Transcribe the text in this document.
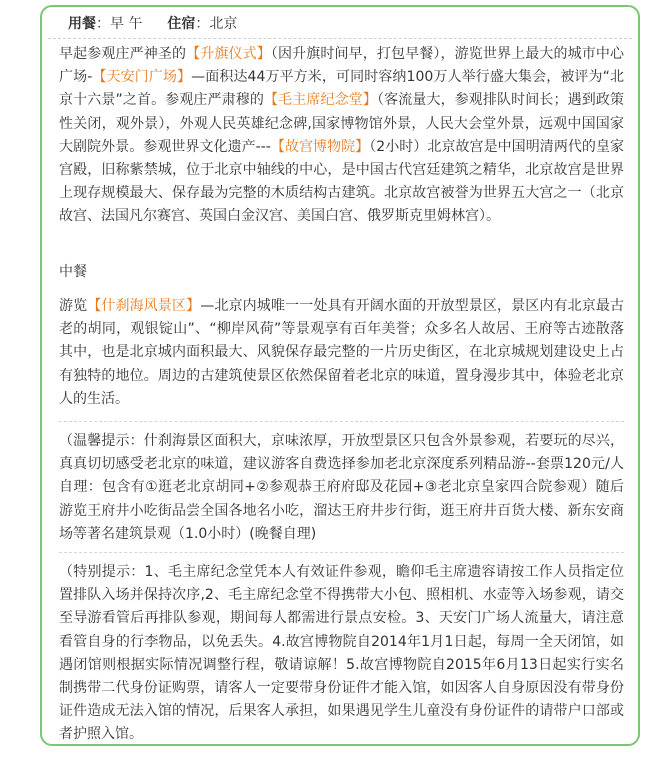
用餐：早 午 住宿：北京

早起参观庄严神圣的【升旗仪式】（因升旗时间早，打包早餐），游览世界上最大的城市中心广场-【天安门广场】—面积达44万平方米，可同时容纳100万人举行盛大集会，被评为“北京十六景”之首。参观庄严肃穆的【毛主席纪念堂】（客流量大，参观排队时间长；遇到政策性关闭，观外景），外观人民英雄纪念碑,国家博物馆外景，人民大会堂外景，远观中国国家大剧院外景。参观世界文化遗产---【故宫博物院】（2小时）北京故宫是中国明清两代的皇家宫殿，旧称紫禁城，位于北京中轴线的中心，是中国古代宫廷建筑之精华，北京故宫是世界上现存规模最大、保存最为完整的木质结构古建筑。北京故宫被誉为世界五大宫之一（北京故宫、法国凡尔赛宫、英国白金汉宫、美国白宫、俄罗斯克里姆林宫）。

中餐

游览【什刹海风景区】—北京内城唯一一处具有开阔水面的开放型景区，景区内有北京最古老的胡同，观银锭山”、“柳岸风荷”等景观享有百年美誉；众多名人故居、王府等古迹散落其中，也是北京城内面积最大、风貌保存最完整的一片历史街区，在北京城规划建设史上占有独特的地位。周边的古建筑使景区依然保留着老北京的味道，置身漫步其中，体验老北京人的生活。

（温馨提示：什刹海景区面积大，京味浓厚，开放型景区只包含外景参观，若要玩的尽兴，真真切切感受老北京的味道，建议游客自费选择参加老北京深度系列精品游--套票120元/人自理：包含有①逛老北京胡同+②参观恭王府府邸及花园+③老北京皇家四合院参观）随后游览王府井小吃街品尝全国各地名小吃，溜达王府井步行街，逛王府井百货大楼、新东安商场等著名建筑景观（1.0小时）(晚餐自理)

（特别提示：1、毛主席纪念堂凭本人有效证件参观，瞻仰毛主席遗容请按工作人员指定位置排队入场并保持次序,2、毛主席纪念堂不得携带大小包、照相机、水壶等入场参观，请交至导游看管后再排队参观，期间每人都需进行景点安检。3、天安门广场人流量大，请注意看管自身的行李物品，以免丢失。4.故宫博物院自2014年1月1日起，每周一全天闭馆，如遇闭馆则根据实际情况调整行程，敬请谅解！5.故宫博物院自2015年6月13日起实行实名制携带二代身份证购票，请客人一定要带身份证件才能入馆，如因客人自身原因没有带身份证件造成无法入馆的情况，后果客人承担，如果遇见学生儿童没有身份证件的请带户口部或者护照入馆。
